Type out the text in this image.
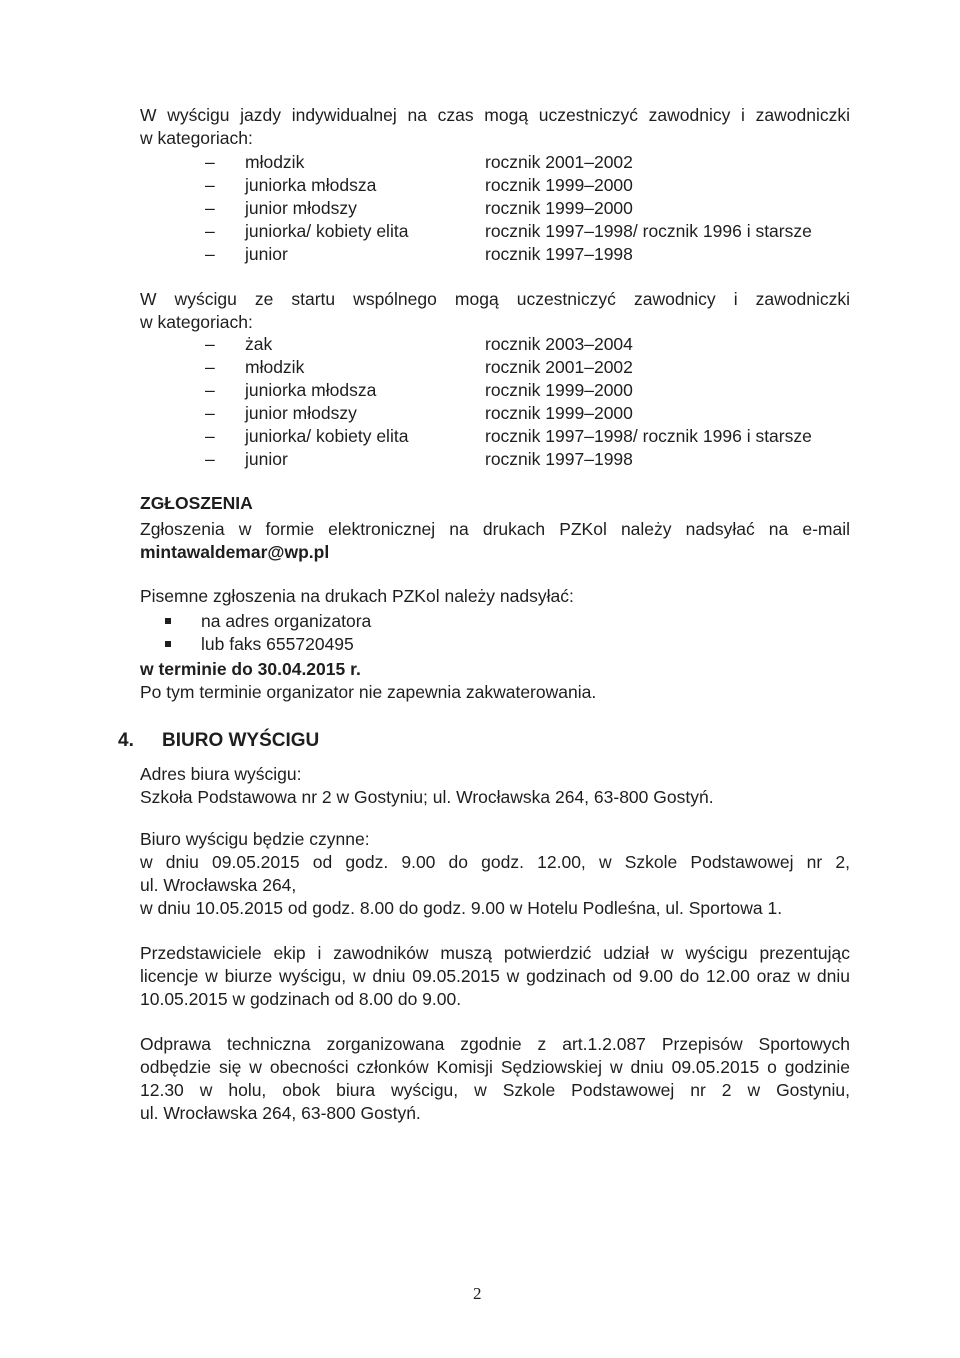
W wyścigu jazdy indywidualnej na czas mogą uczestniczyć zawodnicy i zawodniczki
w kategoriach:

–	młodzik	rocznik 2001–2002
–	juniorka młodsza	rocznik 1999–2000
–	junior młodszy	rocznik 1999–2000
–	juniorka/ kobiety elita	rocznik 1997–1998/ rocznik 1996 i starsze
–	junior	rocznik 1997–1998

W wyścigu ze startu wspólnego mogą uczestniczyć zawodnicy i zawodniczki
w kategoriach:

–	żak	rocznik 2003–2004
–	młodzik	rocznik 2001–2002
–	juniorka młodsza	rocznik 1999–2000
–	junior młodszy	rocznik 1999–2000
–	juniorka/ kobiety elita	rocznik 1997–1998/ rocznik 1996 i starsze
–	junior	rocznik 1997–1998
ZGŁOSZENIA

Zgłoszenia w formie elektronicznej na drukach PZKol należy nadsyłać na e-mail
mintawaldemar@wp.pl

Pisemne zgłoszenia na drukach PZKol należy nadsyłać:

na adres organizatora
lub faks 655720495

w terminie do 30.04.2015 r.
Po tym terminie organizator nie zapewnia zakwaterowania.

4.	BIURO WYŚCIGU

Adres biura wyścigu:
Szkoła Podstawowa nr 2 w Gostyniu; ul. Wrocławska 264, 63-800 Gostyń.

Biuro wyścigu będzie czynne:
w dniu 09.05.2015 od godz. 9.00 do godz. 12.00, w Szkole Podstawowej nr 2,
ul. Wrocławska 264,
w dniu 10.05.2015 od godz. 8.00 do godz. 9.00 w Hotelu Podleśna, ul. Sportowa 1.

Przedstawiciele ekip i zawodników muszą potwierdzić udział w wyścigu prezentując
licencje w biurze wyścigu, w dniu 09.05.2015 w godzinach od 9.00 do 12.00 oraz w dniu
10.05.2015 w godzinach od 8.00 do 9.00.

Odprawa techniczna zorganizowana zgodnie z art.1.2.087 Przepisów Sportowych
odbędzie się w obecności członków Komisji Sędziowskiej w dniu 09.05.2015 o godzinie
12.30 w holu, obok biura wyścigu, w Szkole Podstawowej nr 2 w Gostyniu,
ul. Wrocławska 264, 63-800 Gostyń.

2
